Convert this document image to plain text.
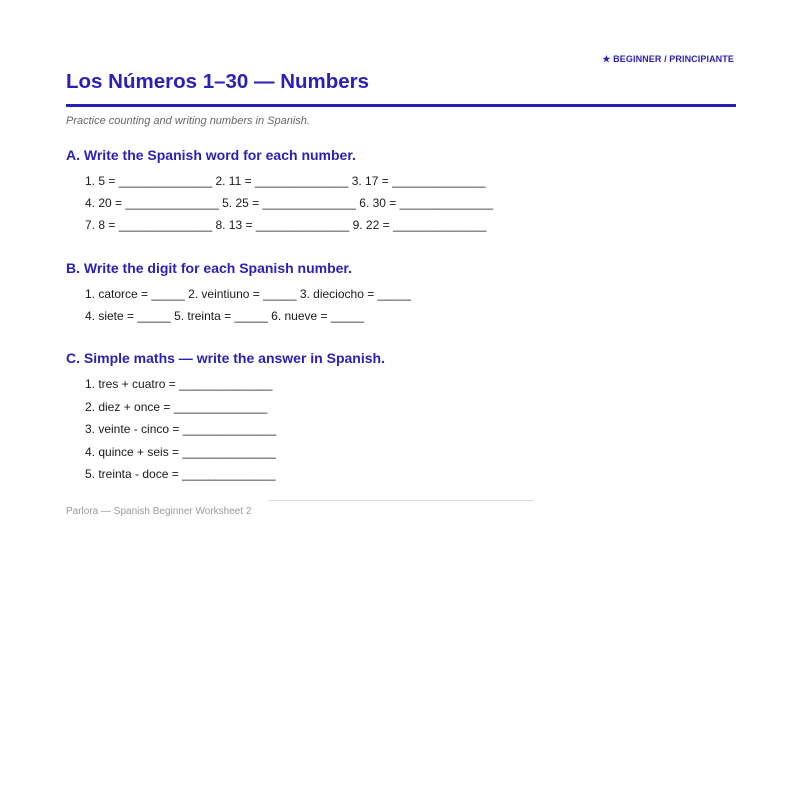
★ BEGINNER / PRINCIPIANTE
Los Números 1–30 — Numbers
Practice counting and writing numbers in Spanish.
A. Write the Spanish word for each number.
1. 5 = ______________ 2. 11 = ______________ 3. 17 = ______________
4. 20 = ______________ 5. 25 = ______________ 6. 30 = ______________
7. 8 = ______________ 8. 13 = ______________ 9. 22 = ______________
B. Write the digit for each Spanish number.
1. catorce = _____ 2. veintiuno = _____ 3. dieciocho = _____
4. siete = _____ 5. treinta = _____ 6. nueve = _____
C. Simple maths — write the answer in Spanish.
1. tres + cuatro = ______________
2. diez + once = ______________
3. veinte - cinco = ______________
4. quince + seis = ______________
5. treinta - doce = ______________
Parlora — Spanish Beginner Worksheet 2
